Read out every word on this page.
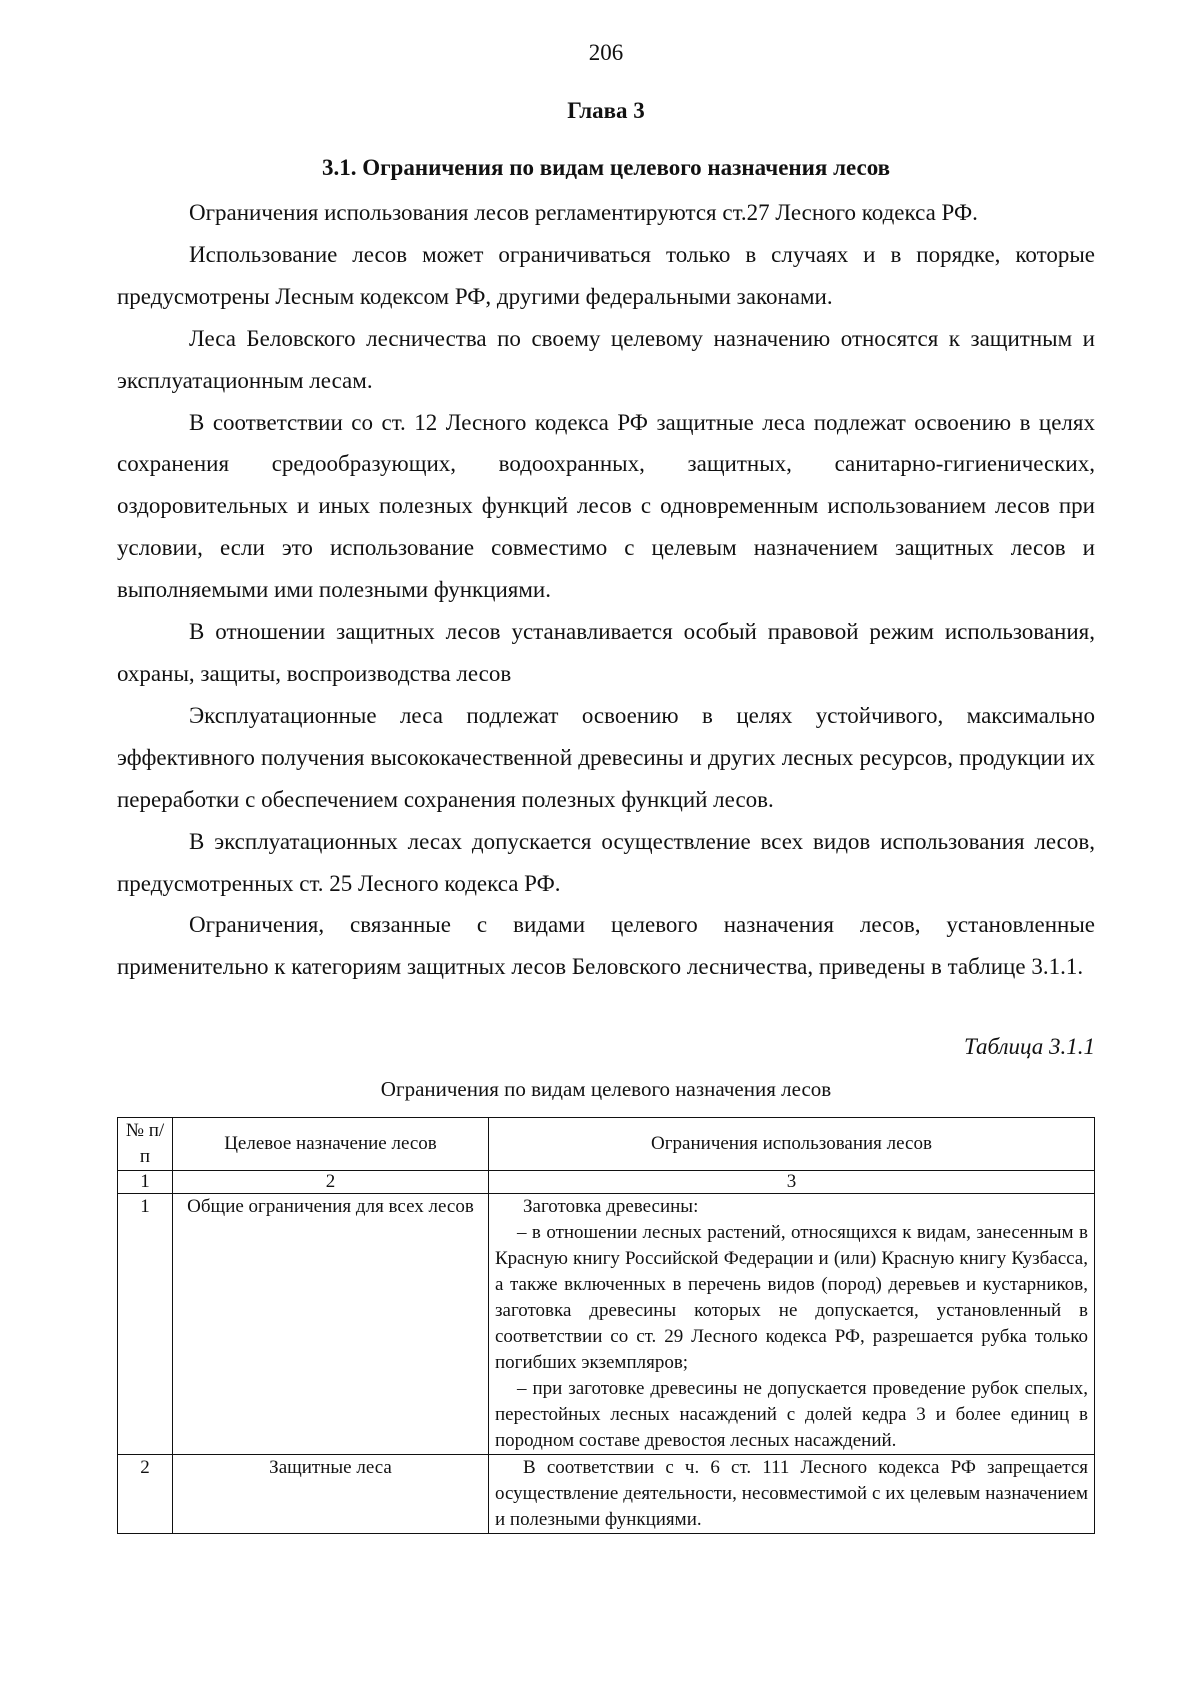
206
Глава 3
3.1. Ограничения по видам целевого назначения лесов

Ограничения использования лесов регламентируются ст.27 Лесного кодекса РФ.

Использование лесов может ограничиваться только в случаях и в порядке, которые предусмотрены Лесным кодексом РФ, другими федеральными законами.

Леса Беловского лесничества по своему целевому назначению относятся к защитным и эксплуатационным лесам.

В соответствии со ст. 12 Лесного кодекса РФ защитные леса подлежат освоению в целях сохранения средообразующих, водоохранных, защитных, санитарно-гигиенических, оздоровительных и иных полезных функций лесов с одновременным использованием лесов при условии, если это использование совместимо с целевым назначением защитных лесов и выполняемыми ими полезными функциями.

В отношении защитных лесов устанавливается особый правовой режим использования, охраны, защиты, воспроизводства лесов

Эксплуатационные леса подлежат освоению в целях устойчивого, максимально эффективного получения высококачественной древесины и других лесных ресурсов, продукции их переработки с обеспечением сохранения полезных функций лесов.

В эксплуатационных лесах допускается осуществление всех видов использования лесов, предусмотренных ст. 25 Лесного кодекса РФ.

Ограничения, связанные с видами целевого назначения лесов, установленные применительно к категориям защитных лесов Беловского лесничества, приведены в таблице 3.1.1.

Таблица 3.1.1
Ограничения по видам целевого назначения лесов
№ п/п	Целевое назначение лесов	Ограничения использования лесов
1	2	3
1	Общие ограничения для всех лесов	Заготовка древесины:

– в отношении лесных растений, относящихся к видам, занесенным в Красную книгу Российской Федерации и (или) Красную книгу Кузбасса, а также включенных в перечень видов (пород) деревьев и кустарников, заготовка древесины которых не допускается, установленный в соответствии со ст. 29 Лесного кодекса РФ, разрешается рубка только погибших экземпляров;

– при заготовке древесины не допускается проведение рубок спелых, перестойных лесных насаждений с долей кедра 3 и более единиц в породном составе древостоя лесных насаждений.

2	Защитные леса	В соответствии с ч. 6 ст. 111 Лесного кодекса РФ запрещается осуществление деятельности, несовместимой с их целевым назначением и полезными функциями.
